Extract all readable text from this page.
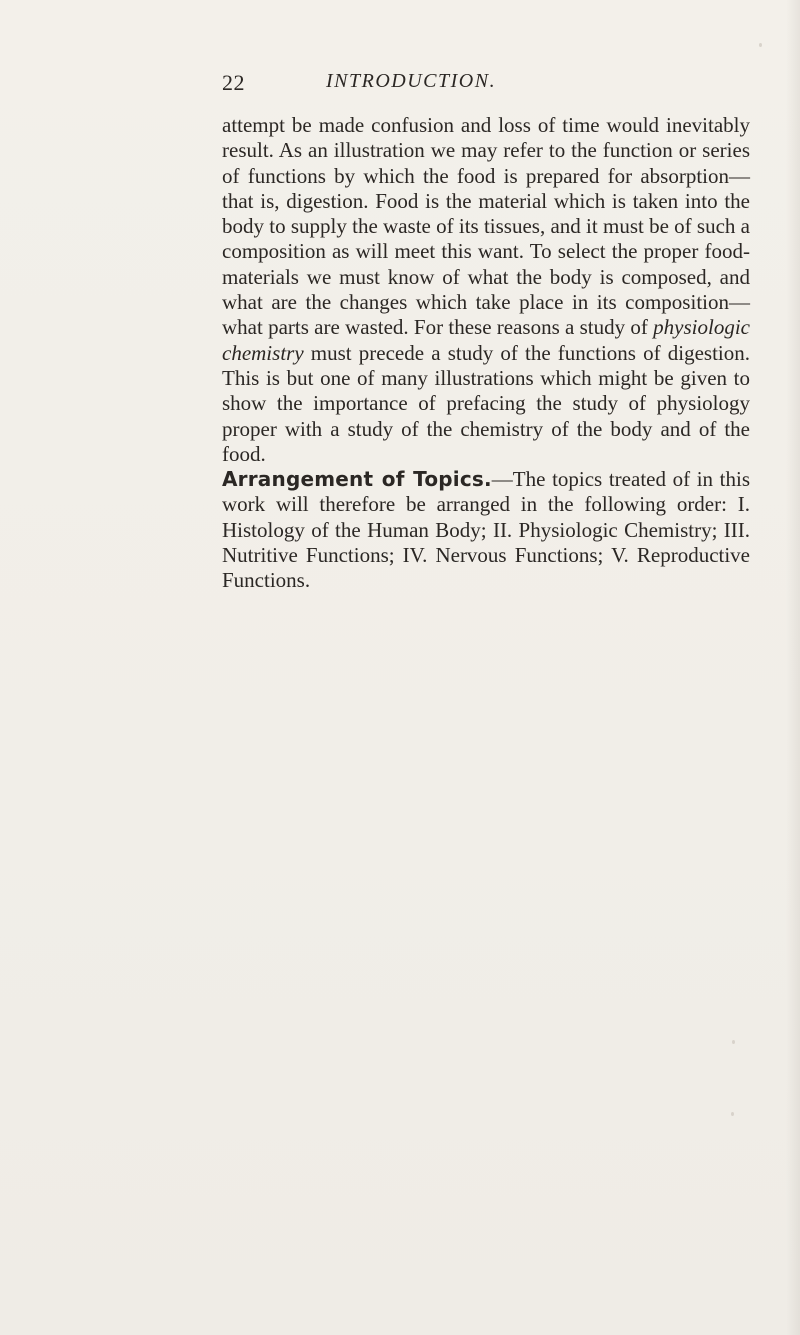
22	INTRODUCTION.

attempt be made confusion and loss of time would inevitably result. As an illustration we may refer to the function or series of functions by which the food is prepared for absorption—that is, digestion. Food is the material which is taken into the body to supply the waste of its tissues, and it must be of such a composition as will meet this want. To select the proper food-materials we must know of what the body is composed, and what are the changes which take place in its composition—what parts are wasted. For these reasons a study of physiologic chemistry must precede a study of the functions of digestion. This is but one of many illustrations which might be given to show the importance of prefacing the study of physiology proper with a study of the chemistry of the body and of the food.

Arrangement of Topics.—The topics treated of in this work will therefore be arranged in the following order: I. Histology of the Human Body; II. Physiologic Chemistry; III. Nutritive Functions; IV. Nervous Functions; V. Reproductive Functions.
